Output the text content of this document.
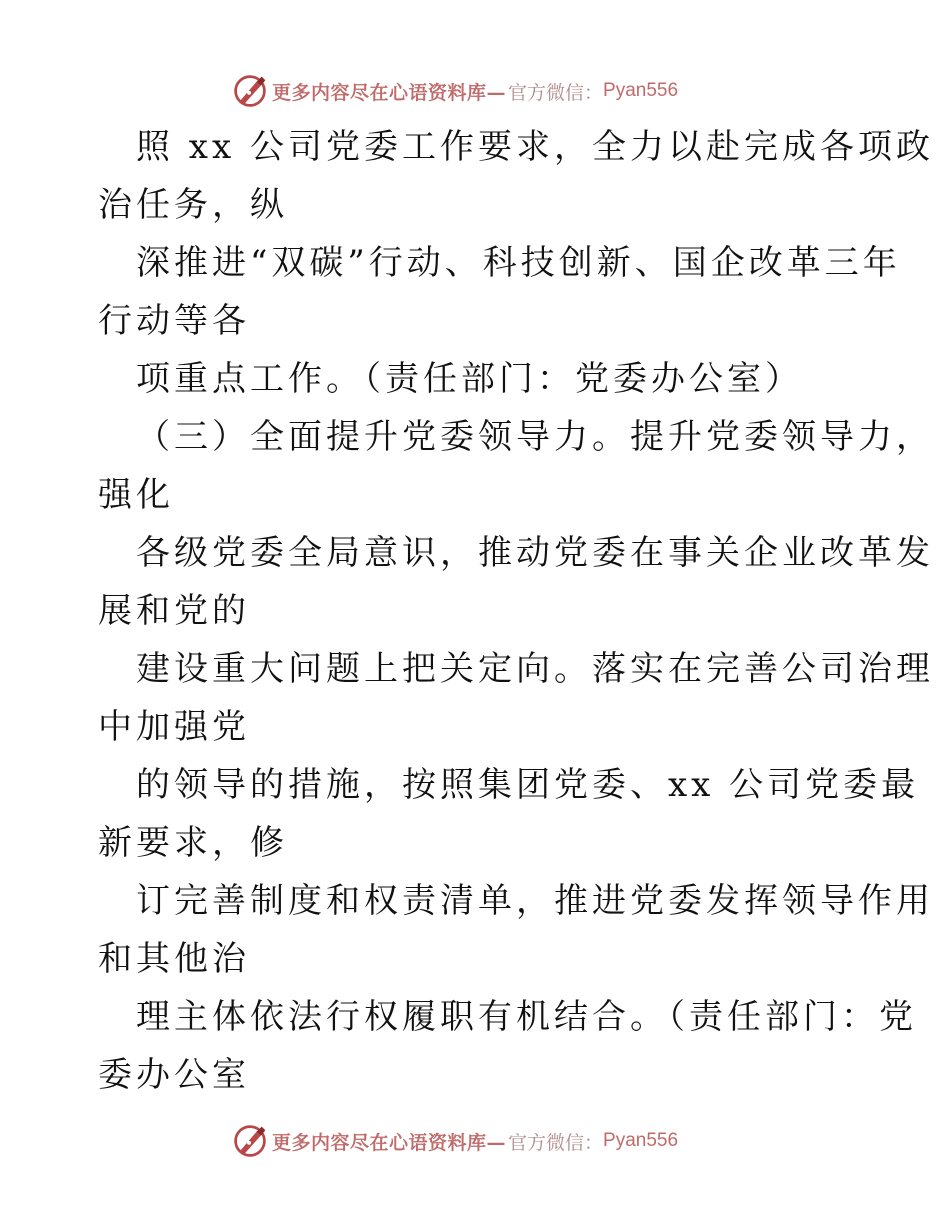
更多内容尽在心语资料库— 官方微信： Pyan556
照 xx 公司党委工作要求，全力以赴完成各项政
治任务，纵
深推进“双碳”行动、科技创新、国企改革三年
行动等各
项重点工作。（责任部门：党委办公室）
（三）全面提升党委领导力。提升党委领导力，
强化
各级党委全局意识，推动党委在事关企业改革发
展和党的
建设重大问题上把关定向。落实在完善公司治理
中加强党
的领导的措施，按照集团党委、xx 公司党委最
新要求，修
订完善制度和权责清单，推进党委发挥领导作用
和其他治
理主体依法行权履职有机结合。（责任部门：党
委办公室
更多内容尽在心语资料库— 官方微信： Pyan556
